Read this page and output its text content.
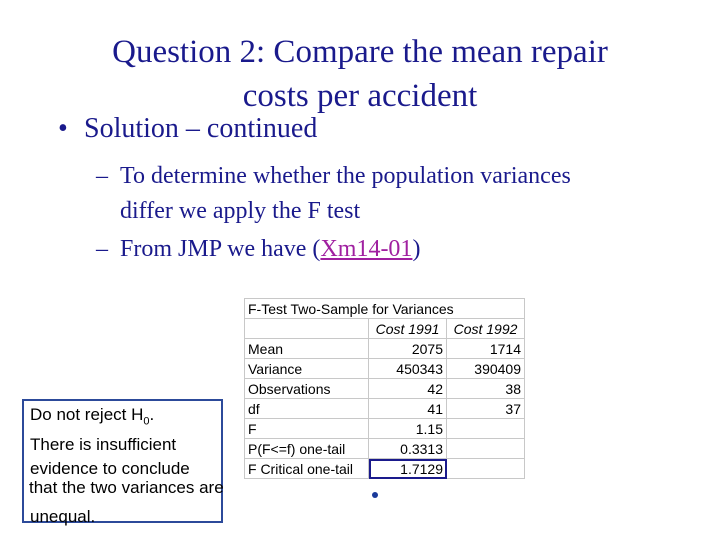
Question 2: Compare the mean repair
costs per accident
• Solution – continued
– To determine whether the population variances
differ we apply the F test
– From JMP we have (Xm14-01)
F-Test Two-Sample for Variances		
	Cost 1991	Cost 1992
Mean	2075	1714
Variance	450343	390409
Observations	42	38
df	41	37
F	1.15	
P(F<=f) one-tail	0.3313	
F Critical one-tail	1.7129	
Do not reject $H_0$.
There is insufficient
evidence to conclude
unequal.
that the two variances are
